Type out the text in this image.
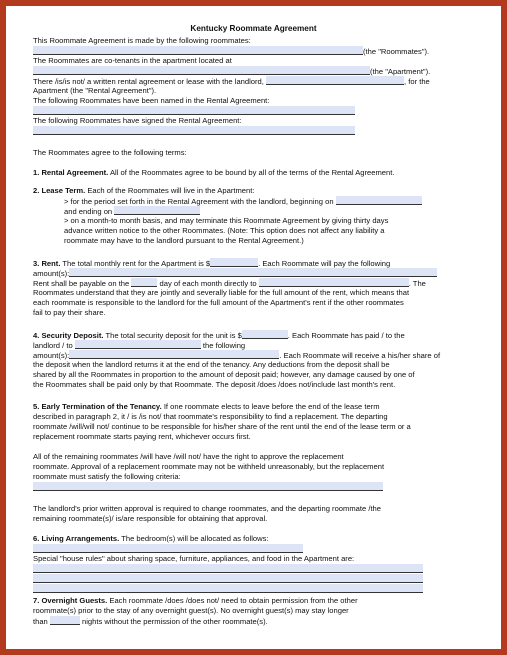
Kentucky Roommate Agreement
This Roommate Agreement is made by the following roommates:
(the "Roommates").
The Roommates are co-tenants in the apartment located at
(the "Apartment").
There /is/is not/ a written rental agreement or lease with the landlord,	, for the
Apartment (the "Rental Agreement").
The following Roommates have been named in the Rental Agreement:
The following Roommates have signed the Rental Agreement:
The Roommates agree to the following terms:
1. Rental Agreement. All of the Roommates agree to be bound by all of the terms of the Rental Agreement.
2. Lease Term. Each of the Roommates will live in the Apartment:
> for the period set forth in the Rental Agreement with the landlord, beginning on
and ending on
> on a month-to month basis, and may terminate this Roommate Agreement by giving thirty days
advance written notice to the other Roommates. (Note: This option does not affect any liability a
roommate may have to the landlord pursuant to the Rental Agreement.)
3. Rent. The total monthly rent for the Apartment is $	. Each Roommate will pay the following
amount(s):
Rent shall be payable on the	day of each month directly to	. The
Roommates understand that they are jointly and severally liable for the full amount of the rent, which means that
each roommate is responsible to the landlord for the full amount of the Apartment's rent if the other roommates
fail to pay their share.
4. Security Deposit. The total security deposit for the unit is $	. Each Roommate has paid / to the
landlord / to	the following
amount(s):	. Each Roommate will receive a his/her share of
the deposit when the landlord returns it at the end of the tenancy. Any deductions from the deposit shall be
shared by all the Roommates in proportion to the amount of deposit paid; however, any damage caused by one of
the Roommates shall be paid only by that Roommate. The deposit /does /does not/include last month's rent.
5. Early Termination of the Tenancy. If one roommate elects to leave before the end of the lease term
described in paragraph 2, it / is /is not/ that roommate's responsibility to find a replacement. The departing
roommate /will/will not/ continue to be responsible for his/her share of the rent until the end of the lease term or a
replacement roommate starts paying rent, whichever occurs first.
All of the remaining roommates /will have /will not/ have the right to approve the replacement
roommate. Approval of a replacement roommate may not be withheld unreasonably, but the replacement
roommate must satisfy the following criteria:
The landlord's prior written approval is required to change roommates, and the departing roommate /the
remaining roommate(s)/ is/are responsible for obtaining that approval.
6. Living Arrangements. The bedroom(s) will be allocated as follows:
Special "house rules" about sharing space, furniture, appliances, and food in the Apartment are:
7. Overnight Guests. Each roommate /does /does not/ need to obtain permission from the other
roommate(s) prior to the stay of any overnight guest(s). No overnight guest(s) may stay longer
than	nights without the permission of the other roommate(s).
